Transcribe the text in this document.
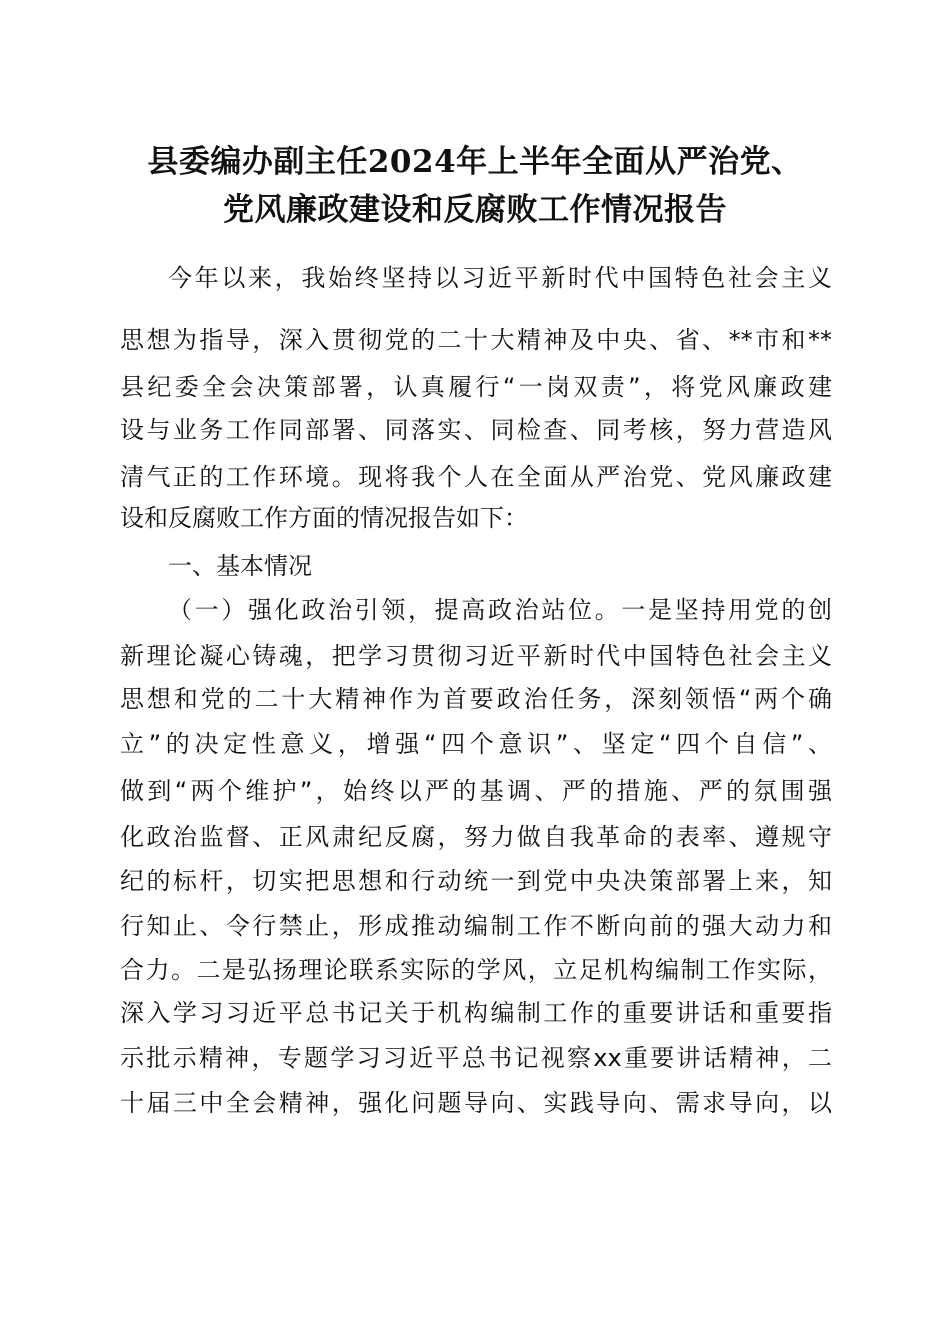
县委编办副主任2024年上半年全面从严治党、
党风廉政建设和反腐败工作情况报告
今年以来，我始终坚持以习近平新时代中国特色社会主义
思想为指导，深入贯彻党的二十大精神及中央、省、**市和**
县纪委全会决策部署，认真履行“一岗双责”，将党风廉政建
设与业务工作同部署、同落实、同检查、同考核，努力营造风
清气正的工作环境。现将我个人在全面从严治党、党风廉政建
设和反腐败工作方面的情况报告如下：
一、基本情况
（一）强化政治引领，提高政治站位。一是坚持用党的创
新理论凝心铸魂，把学习贯彻习近平新时代中国特色社会主义
思想和党的二十大精神作为首要政治任务，深刻领悟“两个确
立”的决定性意义，增强“四个意识”、坚定“四个自信”、
做到“两个维护”，始终以严的基调、严的措施、严的氛围强
化政治监督、正风肃纪反腐，努力做自我革命的表率、遵规守
纪的标杆，切实把思想和行动统一到党中央决策部署上来，知
行知止、令行禁止，形成推动编制工作不断向前的强大动力和
合力。二是弘扬理论联系实际的学风，立足机构编制工作实际，
深入学习习近平总书记关于机构编制工作的重要讲话和重要指
示批示精神，专题学习习近平总书记视察xx重要讲话精神，二
十届三中全会精神，强化问题导向、实践导向、需求导向，以
